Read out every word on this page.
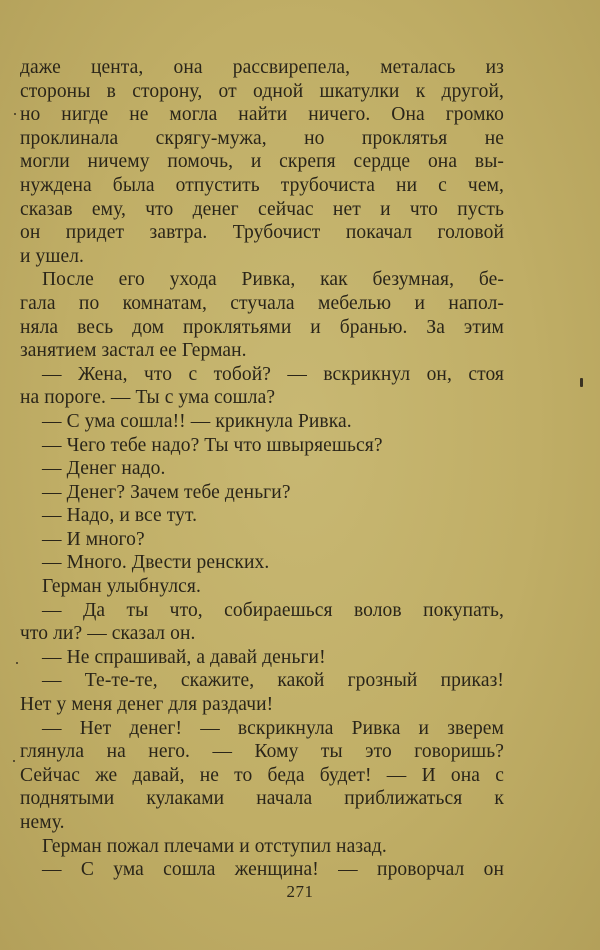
даже цента, она рассвирепела, металась из
стороны в сторону, от одной шкатулки к другой,
но нигде не могла найти ничего. Она громко
проклинала скрягу-мужа, но проклятья не
могли ничему помочь, и скрепя сердце она вы-
нуждена была отпустить трубочиста ни с чем,
сказав ему, что денег сейчас нет и что пусть
он придет завтра. Трубочист покачал головой
и ушел.
После его ухода Ривка, как безумная, бе-
гала по комнатам, стучала мебелью и напол-
няла весь дом проклятьями и бранью. За этим
занятием застал ее Герман.
— Жена, что с тобой? — вскрикнул он, стоя
на пороге. — Ты с ума сошла?
— С ума сошла!! — крикнула Ривка.
— Чего тебе надо? Ты что швыряешься?
— Денег надо.
— Денег? Зачем тебе деньги?
— Надо, и все тут.
— И много?
— Много. Двести ренских.
Герман улыбнулся.
— Да ты что, собираешься волов покупать,
что ли? — сказал он.
— Не спрашивай, а давай деньги!
— Те-те-те, скажите, какой грозный приказ!
Нет у меня денег для раздачи!
— Нет денег! — вскрикнула Ривка и зверем
глянула на него. — Кому ты это говоришь?
Сейчас же давай, не то беда будет! — И она с
поднятыми кулаками начала приближаться к
нему.
Герман пожал плечами и отступил назад.
— С ума сошла женщина! — проворчал он
271
